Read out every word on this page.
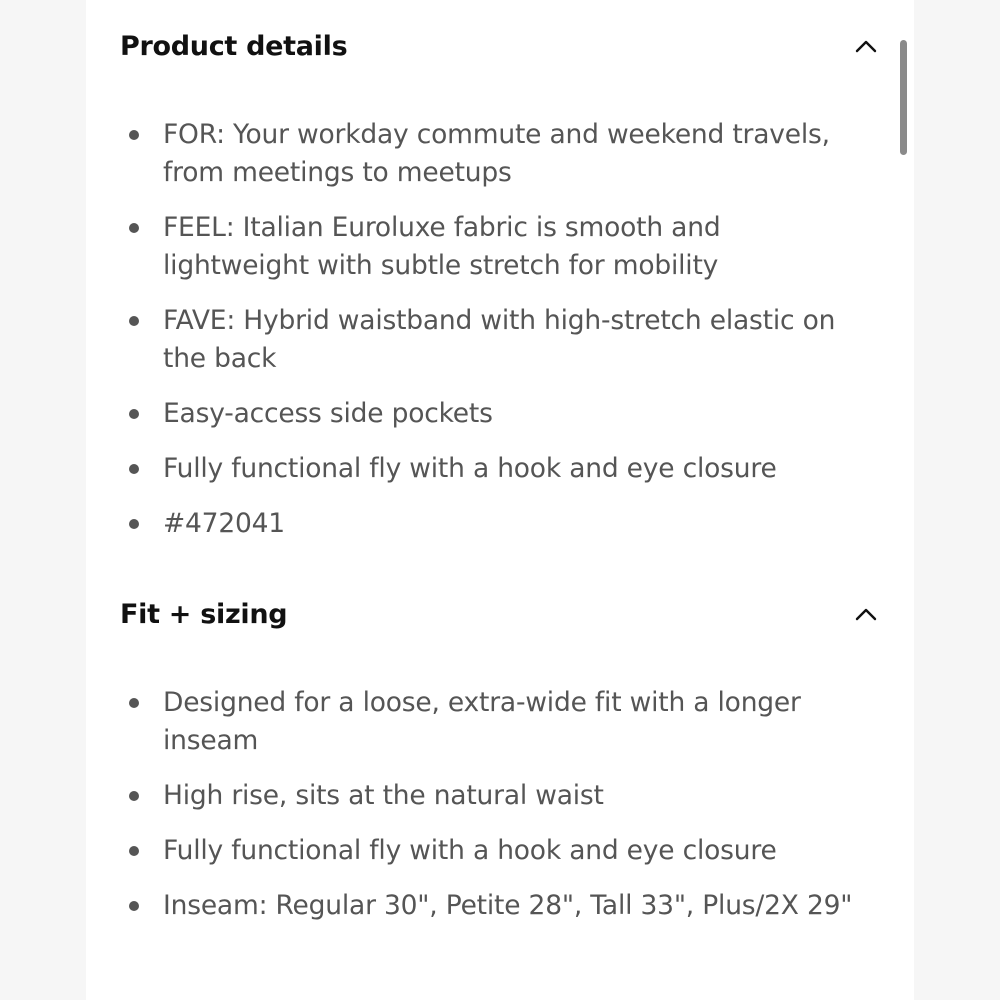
Product details
FOR: Your workday commute and weekend travels, from meetings to meetups
FEEL: Italian Euroluxe fabric is smooth and lightweight with subtle stretch for mobility
FAVE: Hybrid waistband with high-stretch elastic on the back
Easy-access side pockets
Fully functional fly with a hook and eye closure
#472041
Fit + sizing
Designed for a loose, extra-wide fit with a longer inseam
High rise, sits at the natural waist
Fully functional fly with a hook and eye closure
Inseam: Regular 30", Petite 28", Tall 33", Plus/2X 29"
